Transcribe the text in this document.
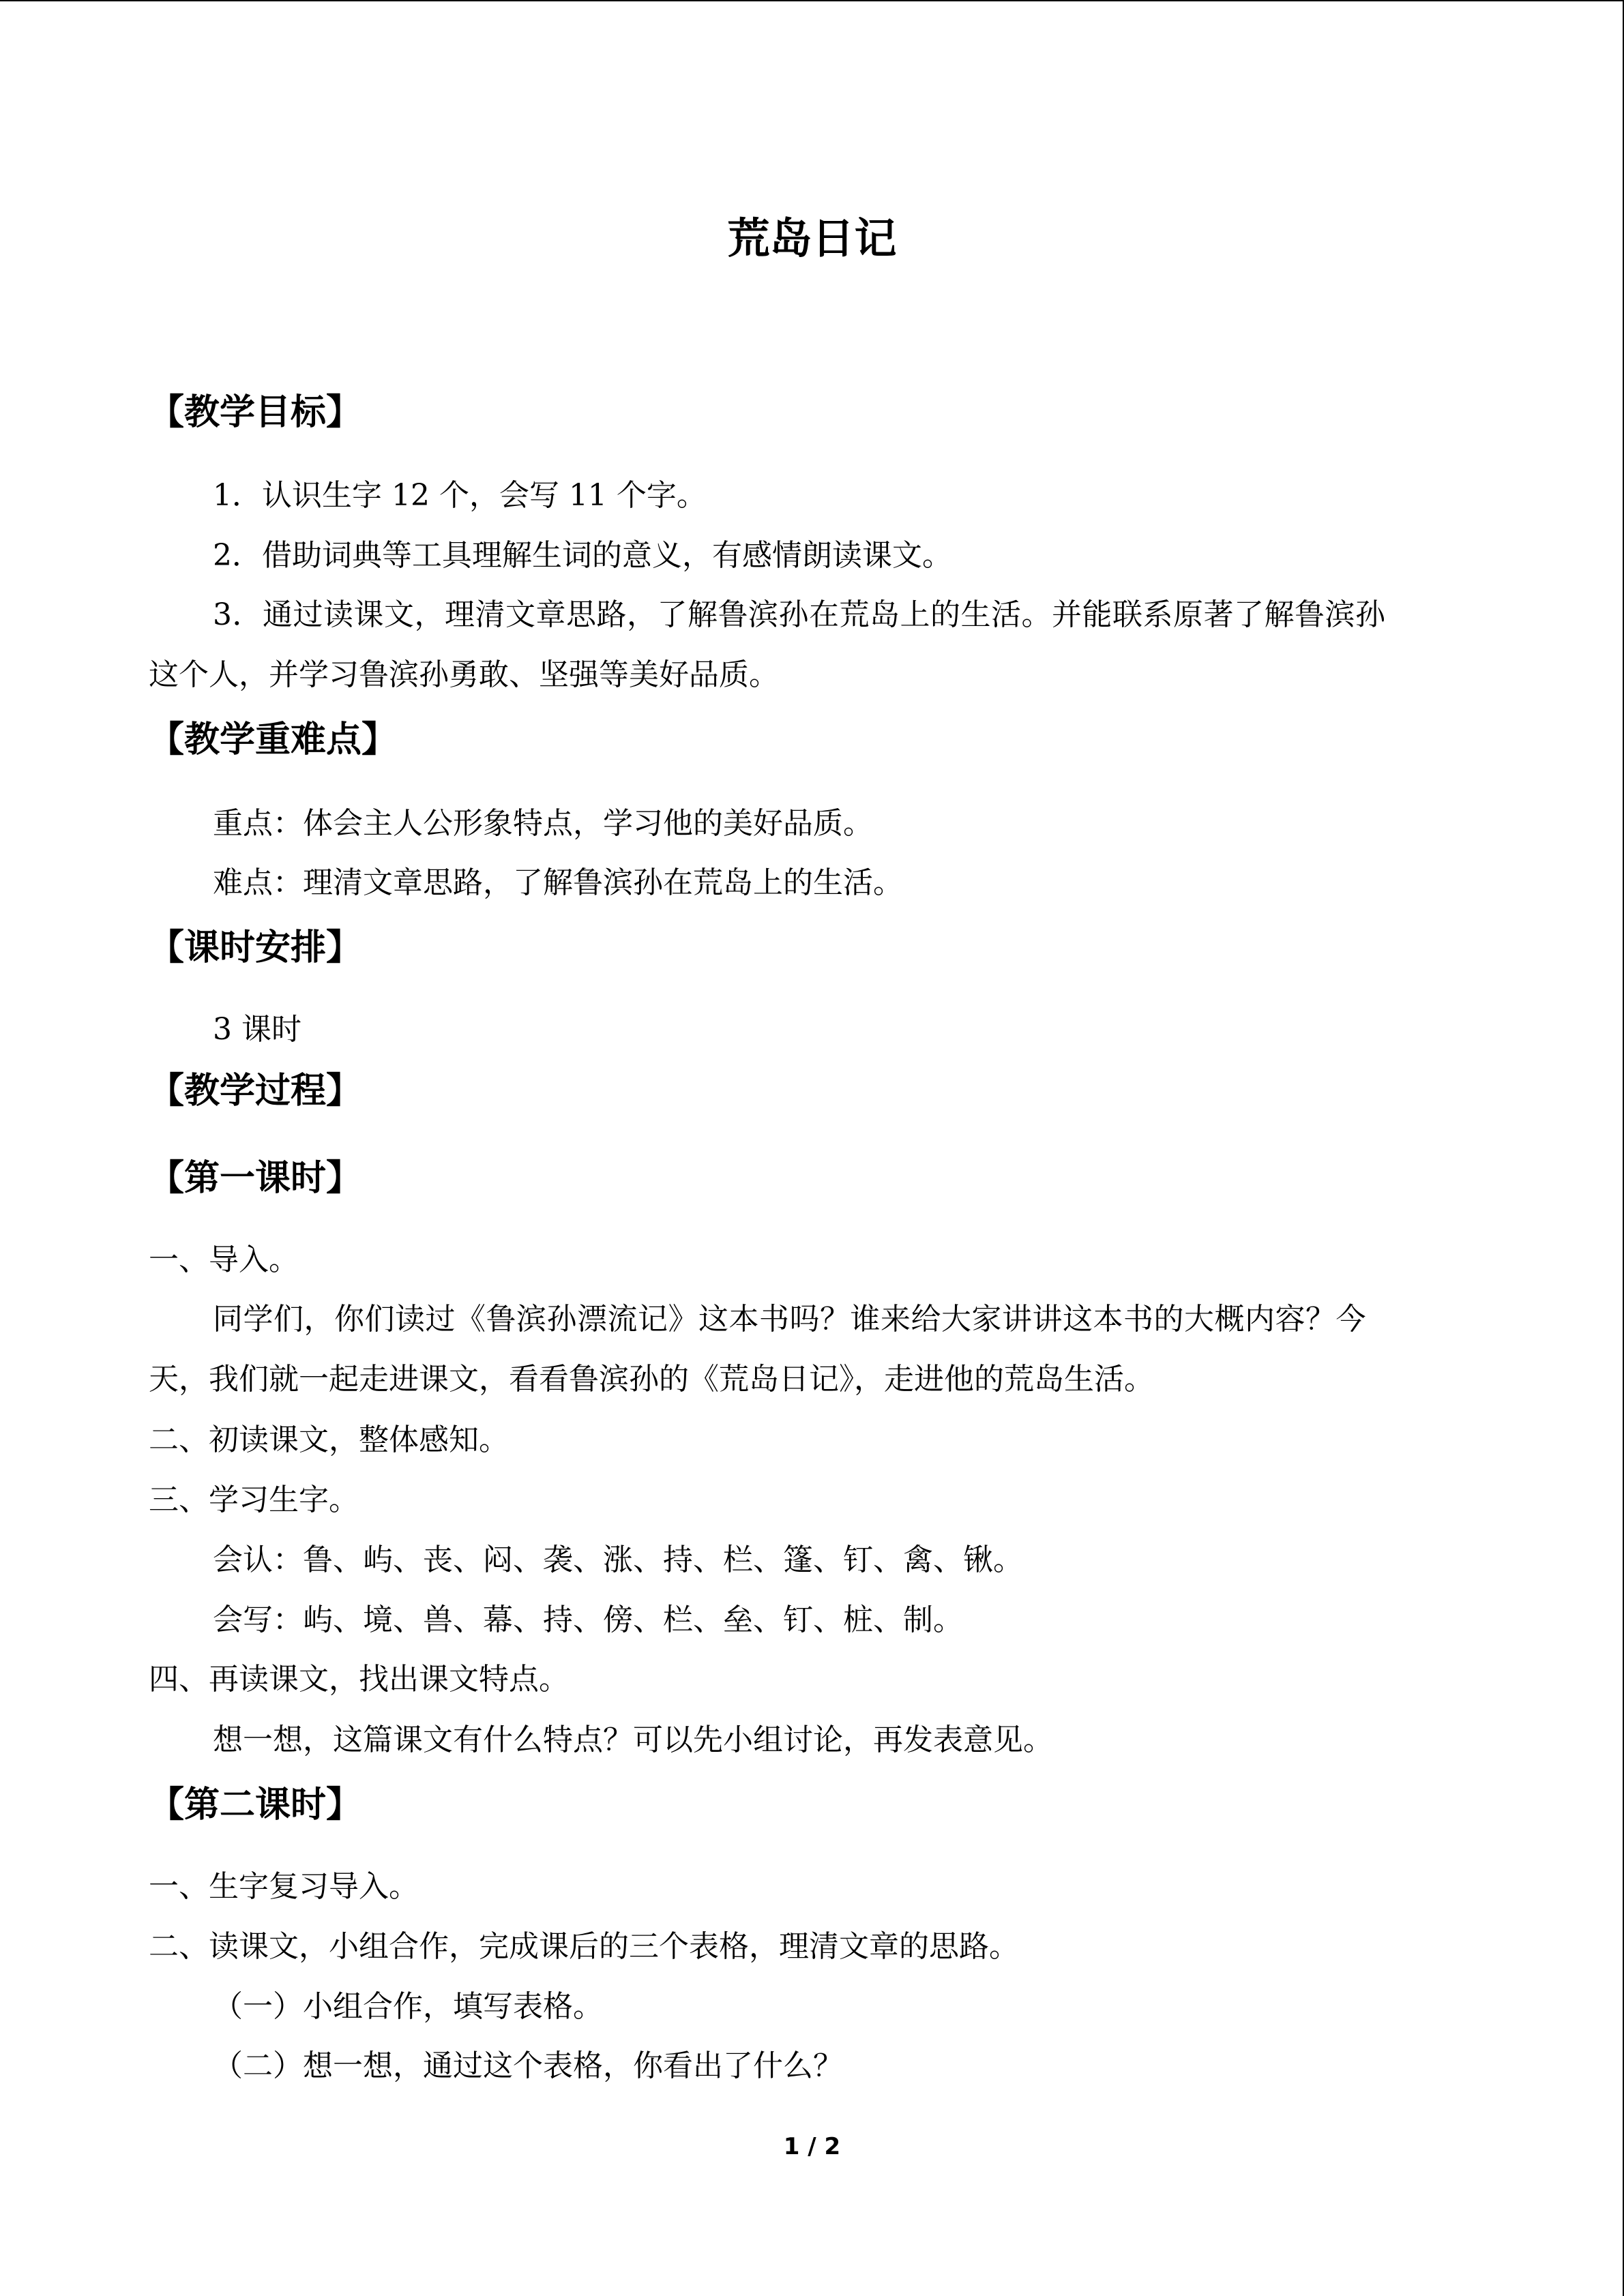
荒岛日记
【教学目标】
1．认识生字 12 个，会写 11 个字。
2．借助词典等工具理解生词的意义，有感情朗读课文。
3．通过读课文，理清文章思路，了解鲁滨孙在荒岛上的生活。并能联系原著了解鲁滨孙
这个人，并学习鲁滨孙勇敢、坚强等美好品质。
【教学重难点】
重点：体会主人公形象特点，学习他的美好品质。
难点：理清文章思路，了解鲁滨孙在荒岛上的生活。
【课时安排】
3 课时
【教学过程】
【第一课时】
一、导入。
同学们，你们读过《鲁滨孙漂流记》这本书吗？谁来给大家讲讲这本书的大概内容？今
天，我们就一起走进课文，看看鲁滨孙的《荒岛日记》，走进他的荒岛生活。
二、初读课文，整体感知。
三、学习生字。
会认：鲁、屿、丧、闷、袭、涨、持、栏、篷、钉、禽、锹。
会写：屿、境、兽、幕、持、傍、栏、垒、钉、桩、制。
四、再读课文，找出课文特点。
想一想，这篇课文有什么特点？可以先小组讨论，再发表意见。
【第二课时】
一、生字复习导入。
二、读课文，小组合作，完成课后的三个表格，理清文章的思路。
（一）小组合作，填写表格。
（二）想一想，通过这个表格，你看出了什么？
1 / 2
